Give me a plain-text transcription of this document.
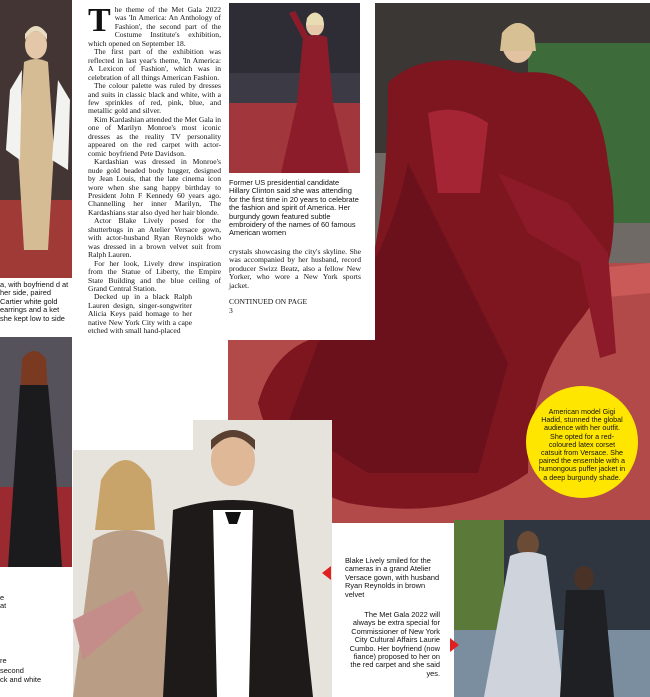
The theme of the Met Gala 2022 was 'In America: An Anthology of Fashion', the second part of the Costume Institute's exhibition, which opened on September 18.

The first part of the exhibition was reflected in last year's theme, 'In America: A Lexicon of Fashion', which was in celebration of all things American Fashion.

The colour palette was ruled by dresses and suits in classic black and white, with a few sprinkles of red, pink, blue, and metallic gold and silver.

Kim Kardashian attended the Met Gala in one of Marilyn Monroe's most iconic dresses as the reality TV personality appeared on the red carpet with actor-comic boyfriend Pete Davidson.

Kardashian was dressed in Monroe's nude gold beaded body hugger, designed by Jean Louis, that the late cinema icon wore when she sang happy birthday to President John F Kennedy 60 years ago. Channelling her inner Marilyn, The Kardashians star also dyed her hair blonde.

Actor Blake Lively posed for the shutterbugs in an Atelier Versace gown, with actor-husband Ryan Reynolds who was dressed in a brown velvet suit from Ralph Lauren.

For her look, Lively drew inspiration from the Statue of Liberty, the Empire State Building and the blue ceiling of Grand Central Station.

Decked up in a black Ralph Lauren design, singer-songwriter Alicia Keys paid homage to her native New York City with a cape etched with small hand-placed

crystals showcasing the city's skyline. She was accompanied by her husband, record producer Swizz Beatz, also a fellow New Yorker, who wore a New York sports jacket.

CONTINUED ON PAGE 3

Former US presidential candidate Hillary Clinton said she was attending for the first time in 20 years to celebrate the fashion and spirit of America. Her burgundy gown featured subtle embroidery of the names of 60 famous American women
a, with boyfriend d at her side, paired Cartier white gold earrings and a ket she kept low to side
e
at
re
second
ck and white
Blake Lively smiled for the cameras in a grand Atelier Versace gown, with husband Ryan Reynolds in brown velvet
The Met Gala 2022 will always be extra special for Commissioner of New York City Cultural Affairs Laurie Cumbo. Her boyfriend (now fiance) proposed to her on the red carpet and she said yes.
American model Gigi Hadid, stunned the global audience with her outfit. She opted for a red-coloured latex corset catsuit from Versace. She paired the ensemble with a humongous puffer jacket in a deep burgundy shade.
